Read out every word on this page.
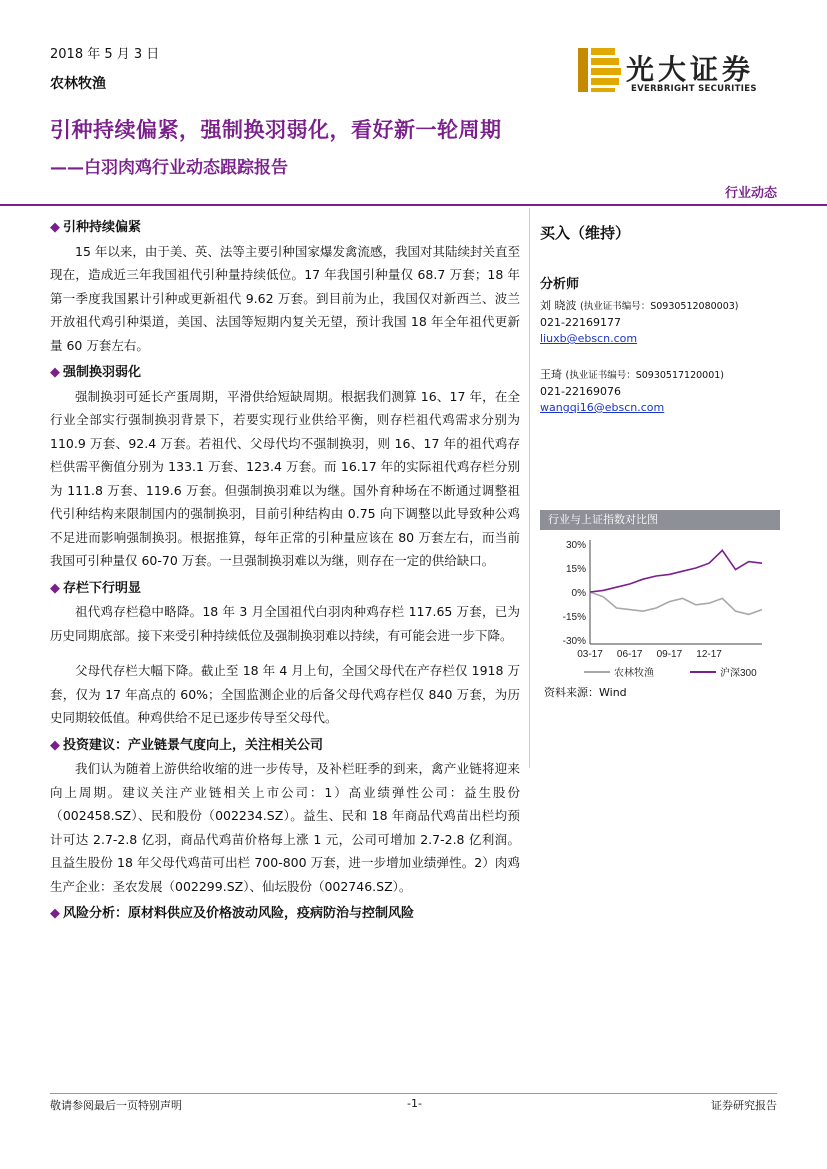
2018 年 5 月 3 日
农林牧渔	光大证券
EVERBRIGHT SECURITIES
引种持续偏紧，强制换羽弱化，看好新一轮周期
——白羽肉鸡行业动态跟踪报告
行业动态
◆ 引种持续偏紧

15 年以来，由于美、英、法等主要引种国家爆发禽流感，我国对其陆续封关直至现在，造成近三年我国祖代引种量持续低位。17 年我国引种量仅 68.7 万套；18 年第一季度我国累计引种或更新祖代 9.62 万套。到目前为止，我国仅对新西兰、波兰开放祖代鸡引种渠道，美国、法国等短期内复关无望，预计我国 18 年全年祖代更新量 60 万套左右。

◆ 强制换羽弱化

强制换羽可延长产蛋周期，平滑供给短缺周期。根据我们测算 16、17 年，在全行业全部实行强制换羽背景下，若要实现行业供给平衡，则存栏祖代鸡需求分别为 110.9 万套、92.4 万套。若祖代、父母代均不强制换羽，则 16、17 年的祖代鸡存栏供需平衡值分别为 133.1 万套、123.4 万套。而 16.17 年的实际祖代鸡存栏分别为 111.8 万套、119.6 万套。但强制换羽难以为继。国外育种场在不断通过调整祖代引种结构来限制国内的强制换羽，目前引种结构由 0.75 向下调整以此导致种公鸡不足进而影响强制换羽。根据推算，每年正常的引种量应该在 80 万套左右，而当前我国可引种量仅 60-70 万套。一旦强制换羽难以为继，则存在一定的供给缺口。

◆ 存栏下行明显

祖代鸡存栏稳中略降。18 年 3 月全国祖代白羽肉种鸡存栏 117.65 万套，已为历史同期底部。接下来受引种持续低位及强制换羽难以持续，有可能会进一步下降。

父母代存栏大幅下降。截止至 18 年 4 月上旬，全国父母代在产存栏仅 1918 万套，仅为 17 年高点的 60%；全国监测企业的后备父母代鸡存栏仅 840 万套，为历史同期较低值。种鸡供给不足已逐步传导至父母代。

◆ 投资建议：产业链景气度向上，关注相关公司

我们认为随着上游供给收缩的进一步传导，及补栏旺季的到来，禽产业链将迎来向上周期。建议关注产业链相关上市公司：1）高业绩弹性公司：益生股份（002458.SZ）、民和股份（002234.SZ）。益生、民和 18 年商品代鸡苗出栏均预计可达 2.7-2.8 亿羽，商品代鸡苗价格每上涨 1 元，公司可增加 2.7-2.8 亿利润。且益生股份 18 年父母代鸡苗可出栏 700-800 万套，进一步增加业绩弹性。2）肉鸡生产企业：圣农发展（002299.SZ）、仙坛股份（002746.SZ）。

◆ 风险分析：原材料供应及价格波动风险，疫病防治与控制风险
买入（维持）
分析师
刘 晓波 (执业证书编号：S0930512080003)
021-22169177
liuxb@ebscn.com
王琦 (执业证书编号：S0930517120001)
021-22169076
wangqi16@ebscn.com
行业与上证指数对比图
30%
15%
0%
-15%
-30%
03-17 06-17 09-17 12-17
农林牧渔	沪深300
资料来源：Wind
敬请参阅最后一页特别声明	-1-	证券研究报告
